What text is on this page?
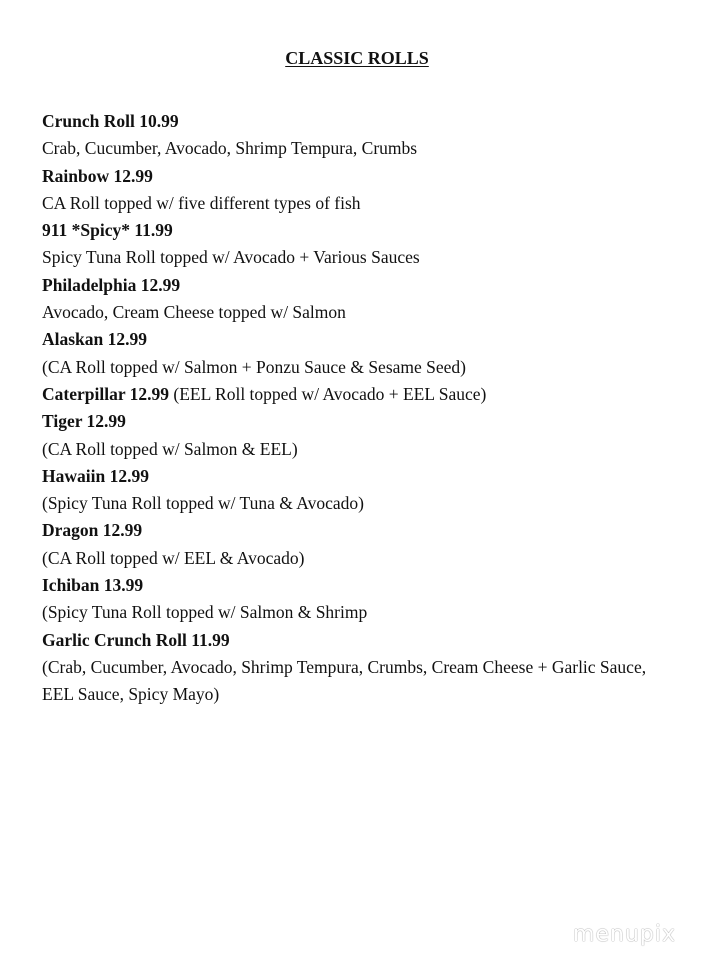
CLASSIC ROLLS
Crunch Roll 10.99
Crab, Cucumber, Avocado, Shrimp Tempura, Crumbs
Rainbow 12.99
CA Roll topped w/ five different types of fish
911 *Spicy* 11.99
Spicy Tuna Roll topped w/ Avocado + Various Sauces
Philadelphia 12.99
Avocado, Cream Cheese topped w/ Salmon
Alaskan 12.99
(CA Roll topped w/ Salmon + Ponzu Sauce & Sesame Seed)
Caterpillar 12.99 (EEL Roll topped w/ Avocado + EEL Sauce)
Tiger 12.99
(CA Roll topped w/ Salmon & EEL)
Hawaiin 12.99
(Spicy Tuna Roll topped w/ Tuna & Avocado)
Dragon 12.99
(CA Roll topped w/ EEL & Avocado)
Ichiban 13.99
(Spicy Tuna Roll topped w/ Salmon & Shrimp
Garlic Crunch Roll 11.99
(Crab, Cucumber, Avocado, Shrimp Tempura, Crumbs, Cream Cheese + Garlic Sauce, EEL Sauce, Spicy Mayo)
menupix
